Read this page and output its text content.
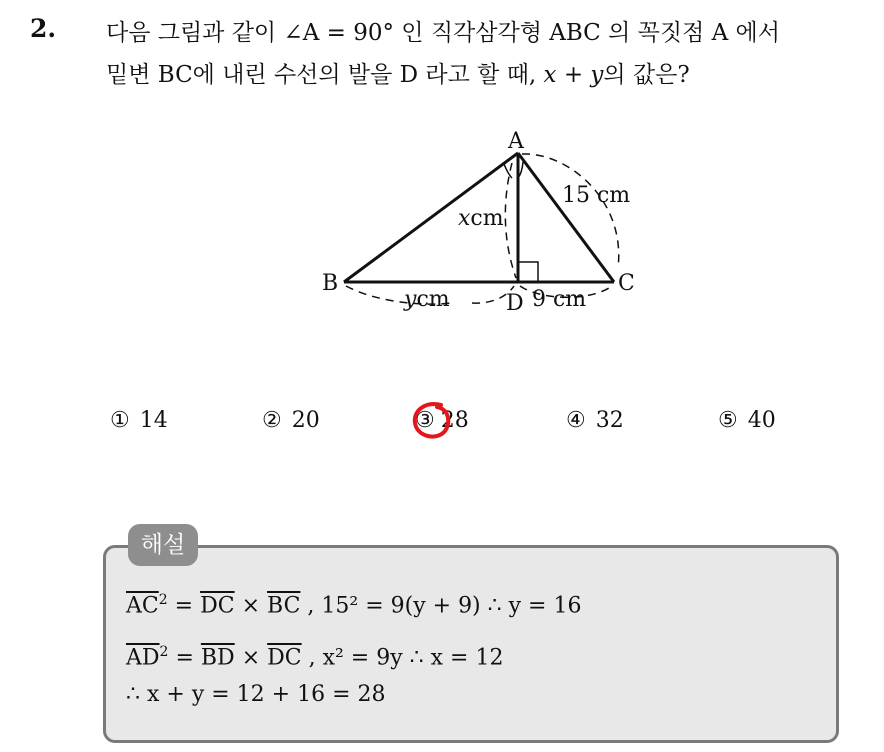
2. 다음 그림과 같이 ∠A = 90° 인 직각삼각형 ABC 의 꼭짓점 A 에서
밑변 BC에 내린 수선의 발을 D 라고 할 때, x + y의 값은?
A
B	C
D
15 cm
xcm
ycm	9 cm
① 14	② 20	③ 28	④ 32	⑤ 40
해설
$\overline{AC}^2 = \overline{DC} \times \overline{BC}$ , 15² = 9(y + 9) ∴ y = 16
$\overline{AD}^2 = \overline{BD} \times \overline{DC}$ , x² = 9y ∴ x = 12
∴ x + y = 12 + 16 = 28
